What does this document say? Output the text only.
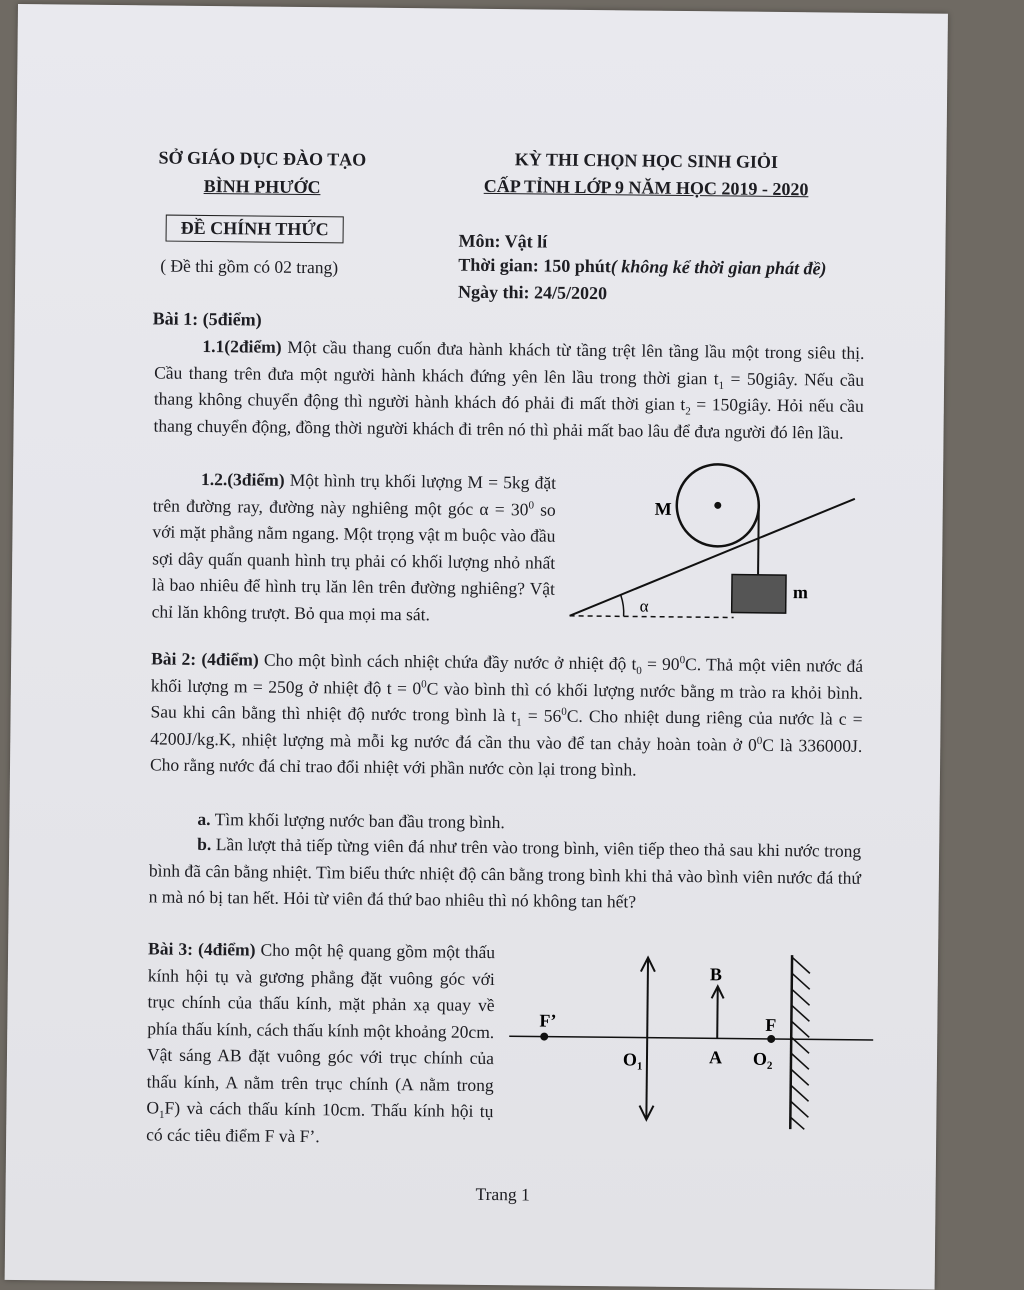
SỞ GIÁO DỤC ĐÀO TẠO
BÌNH PHƯỚC
ĐỀ CHÍNH THỨC
( Đề thi gồm có 02 trang)
KỲ THI CHỌN HỌC SINH GIỎI
CẤP TỈNH LỚP 9 NĂM HỌC 2019 - 2020
Môn: Vật lí
Thời gian: 150 phút( không kể thời gian phát đề)
Ngày thi: 24/5/2020
Bài 1: (5điểm)
1.1(2điểm) Một cầu thang cuốn đưa hành khách từ tầng trệt lên tầng lầu một trong siêu thị. Cầu thang trên đưa một người hành khách đứng yên lên lầu trong thời gian $t_1$ = 50giây. Nếu cầu thang không chuyển động thì người hành khách đó phải đi mất thời gian $t_2$ = 150giây. Hỏi nếu cầu thang chuyển động, đồng thời người khách đi trên nó thì phải mất bao lâu để đưa người đó lên lầu.
1.2.(3điểm) Một hình trụ khối lượng M = 5kg đặt trên đường ray, đường này nghiêng một góc $\alpha = 30^0$ so với mặt phẳng nằm ngang. Một trọng vật m buộc vào đầu sợi dây quấn quanh hình trụ phải có khối lượng nhỏ nhất là bao nhiêu để hình trụ lăn lên trên đường nghiêng? Vật chỉ lăn không trượt. Bỏ qua mọi ma sát.	α
M
m
Bài 2: (4điểm) Cho một bình cách nhiệt chứa đầy nước ở nhiệt độ $t_0 = 90^0C$. Thả một viên nước đá khối lượng m = 250g ở nhiệt độ $t = 0^0C$ vào bình thì có khối lượng nước bằng m trào ra khỏi bình. Sau khi cân bằng thì nhiệt độ nước trong bình là $t_1 = 56^0C$. Cho nhiệt dung riêng của nước là c = 4200J/kg.K, nhiệt lượng mà mỗi kg nước đá cần thu vào để tan chảy hoàn toàn ở $0^0C$ là 336000J. Cho rằng nước đá chỉ trao đổi nhiệt với phần nước còn lại trong bình.
a. Tìm khối lượng nước ban đầu trong bình.
b. Lần lượt thả tiếp từng viên đá như trên vào trong bình, viên tiếp theo thả sau khi nước trong bình đã cân bằng nhiệt. Tìm biểu thức nhiệt độ cân bằng trong bình khi thả vào bình viên nước đá thứ n mà nó bị tan hết. Hỏi từ viên đá thứ bao nhiêu thì nó không tan hết?
Bài 3: (4điểm) Cho một hệ quang gồm một thấu kính hội tụ và gương phẳng đặt vuông góc với trục chính của thấu kính, mặt phản xạ quay về phía thấu kính, cách thấu kính một khoảng 20cm. Vật sáng AB đặt vuông góc với trục chính của thấu kính, A nằm trên trục chính (A nằm trong $O_1F$) và cách thấu kính 10cm. Thấu kính hội tụ có các tiêu điểm F và F’.
$O_1$
F’
B
A
F
$O_2$
Trang 1
